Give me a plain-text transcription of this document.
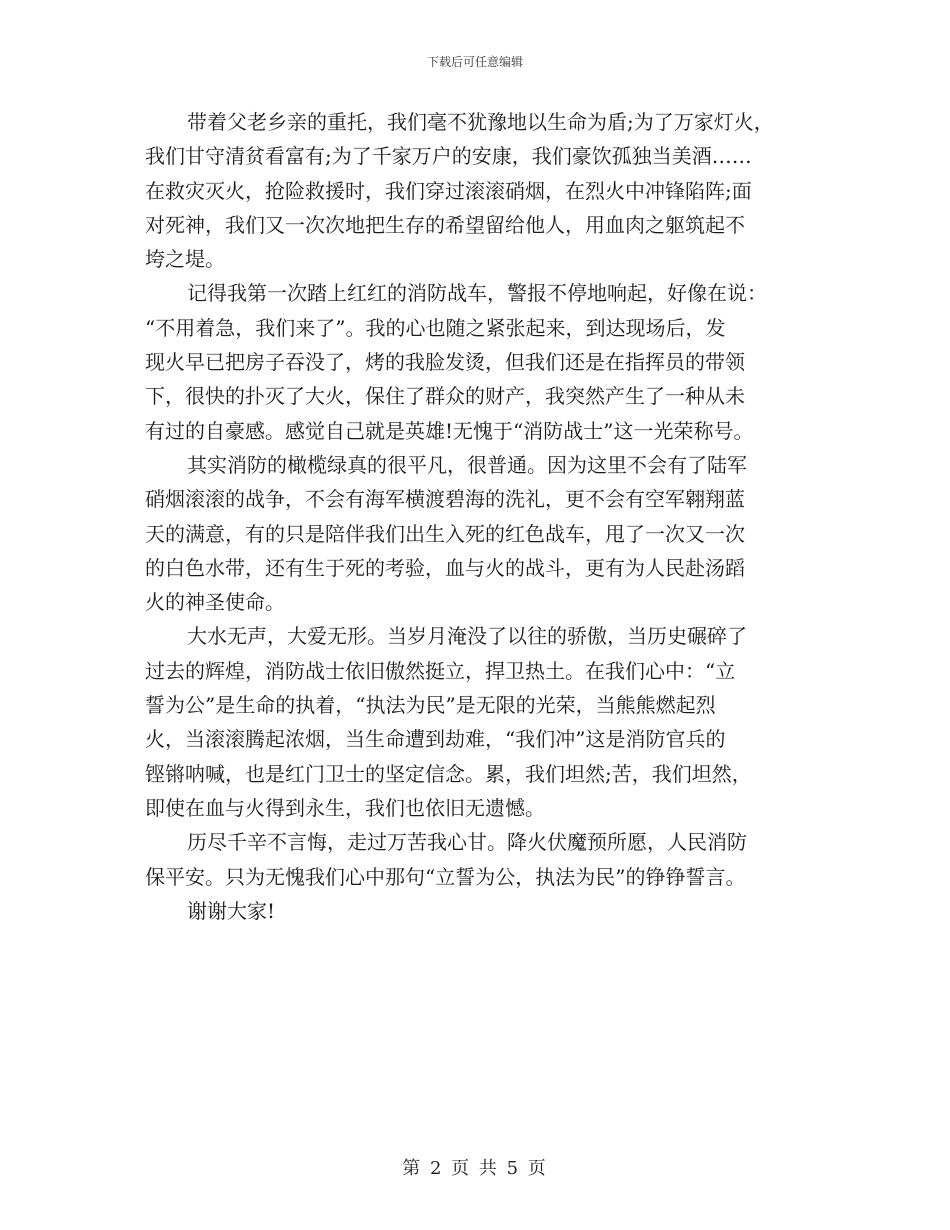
下载后可任意编辑
带着父老乡亲的重托，我们毫不犹豫地以生命为盾;为了万家灯火，
我们甘守清贫看富有;为了千家万户的安康，我们豪饮孤独当美酒……
在救灾灭火，抢险救援时，我们穿过滚滚硝烟，在烈火中冲锋陷阵;面
对死神，我们又一次次地把生存的希望留给他人，用血肉之躯筑起不
垮之堤。
记得我第一次踏上红红的消防战车，警报不停地响起，好像在说：
“不用着急，我们来了”。我的心也随之紧张起来，到达现场后，发
现火早已把房子吞没了，烤的我脸发烫，但我们还是在指挥员的带领
下，很快的扑灭了大火，保住了群众的财产，我突然产生了一种从未
有过的自豪感。感觉自己就是英雄!无愧于“消防战士”这一光荣称号。
其实消防的橄榄绿真的很平凡，很普通。因为这里不会有了陆军
硝烟滚滚的战争，不会有海军横渡碧海的洗礼，更不会有空军翱翔蓝
天的满意，有的只是陪伴我们出生入死的红色战车，甩了一次又一次
的白色水带，还有生于死的考验，血与火的战斗，更有为人民赴汤蹈
火的神圣使命。
大水无声，大爱无形。当岁月淹没了以往的骄傲，当历史碾碎了
过去的辉煌，消防战士依旧傲然挺立，捍卫热土。在我们心中：“立
誓为公”是生命的执着，“执法为民”是无限的光荣，当熊熊燃起烈
火，当滚滚腾起浓烟，当生命遭到劫难，“我们冲”这是消防官兵的
铿锵呐喊，也是红门卫士的坚定信念。累，我们坦然;苦，我们坦然，
即使在血与火得到永生，我们也依旧无遗憾。
历尽千辛不言悔，走过万苦我心甘。降火伏魔预所愿，人民消防
保平安。只为无愧我们心中那句“立誓为公，执法为民”的铮铮誓言。
谢谢大家!
第 2 页 共 5 页
